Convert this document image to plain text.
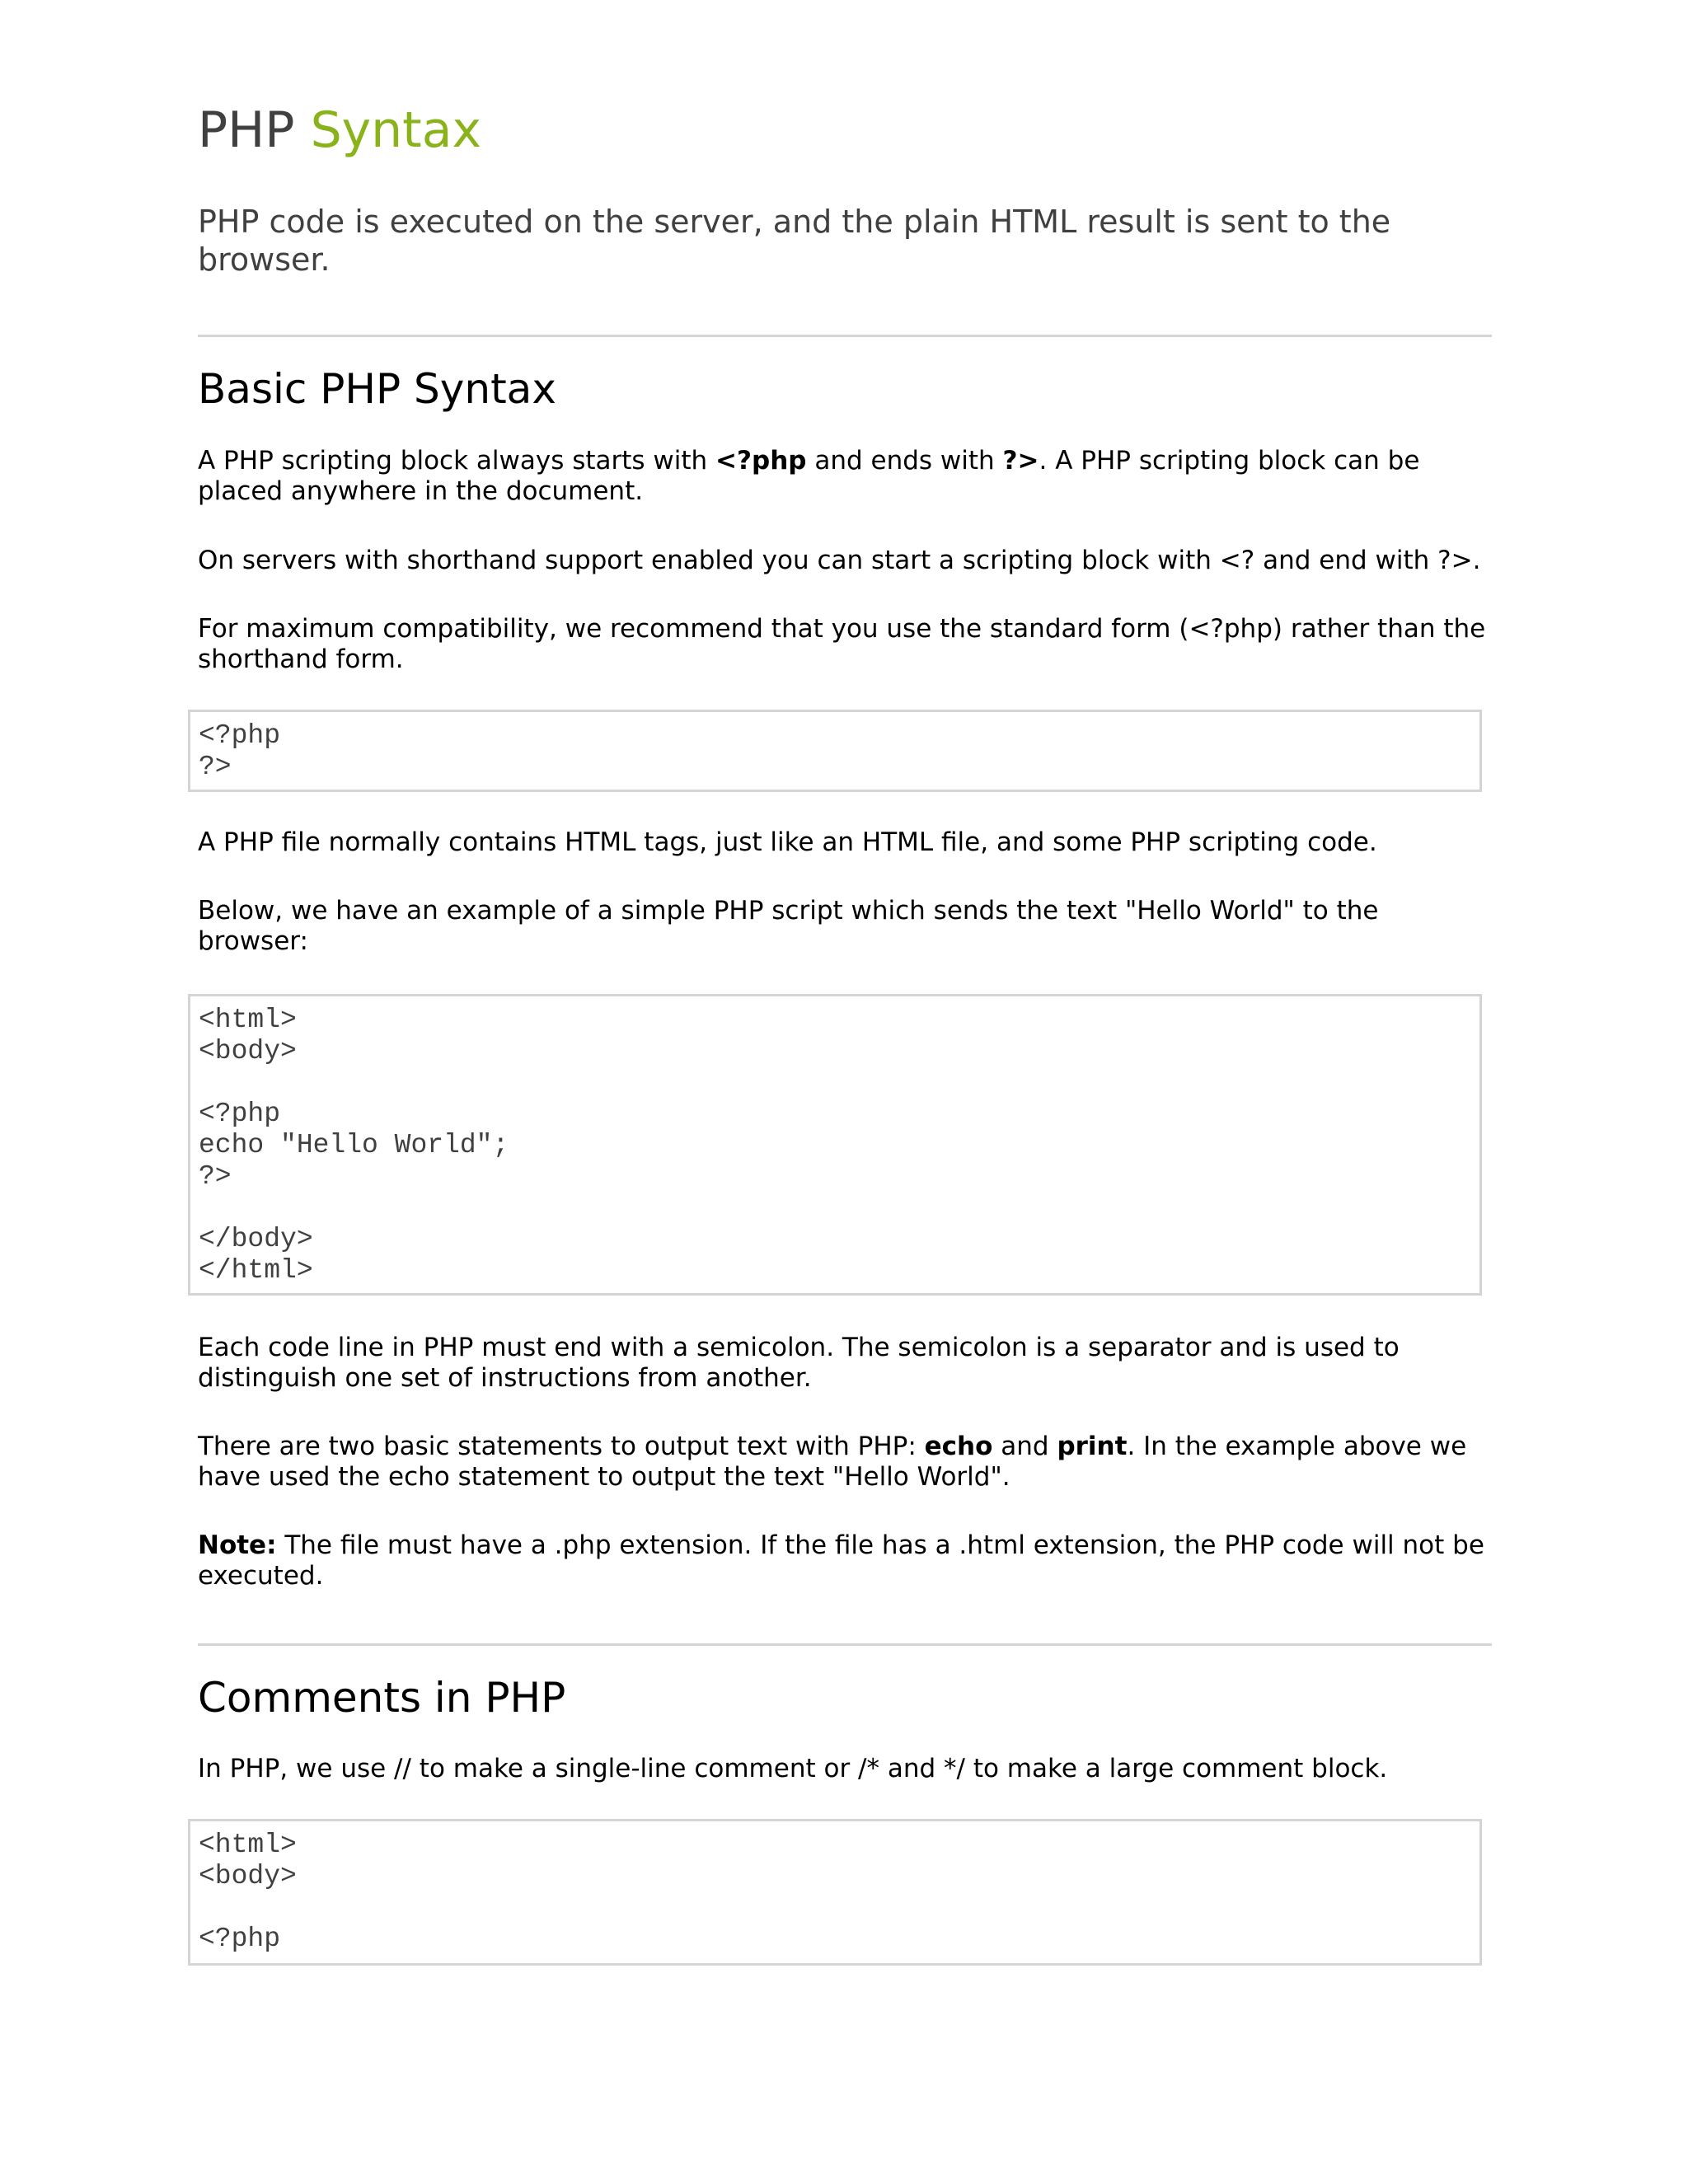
PHP Syntax
PHP code is executed on the server, and the plain HTML result is sent to the browser.
Basic PHP Syntax

A PHP scripting block always starts with <?php and ends with ?>. A PHP scripting block can be placed anywhere in the document.

On servers with shorthand support enabled you can start a scripting block with <? and end with ?>.

For maximum compatibility, we recommend that you use the standard form (<?php) rather than the shorthand form.

<?php
?>

A PHP file normally contains HTML tags, just like an HTML file, and some PHP scripting code.

Below, we have an example of a simple PHP script which sends the text "Hello World" to the browser:

<html>
<body>

<?php
echo "Hello World";
?>

</body>
</html>

Each code line in PHP must end with a semicolon. The semicolon is a separator and is used to distinguish one set of instructions from another.

There are two basic statements to output text with PHP: echo and print. In the example above we have used the echo statement to output the text "Hello World".

Note: The file must have a .php extension. If the file has a .html extension, the PHP code will not be executed.

Comments in PHP

In PHP, we use // to make a single-line comment or /* and */ to make a large comment block.

<html>
<body>

<?php
